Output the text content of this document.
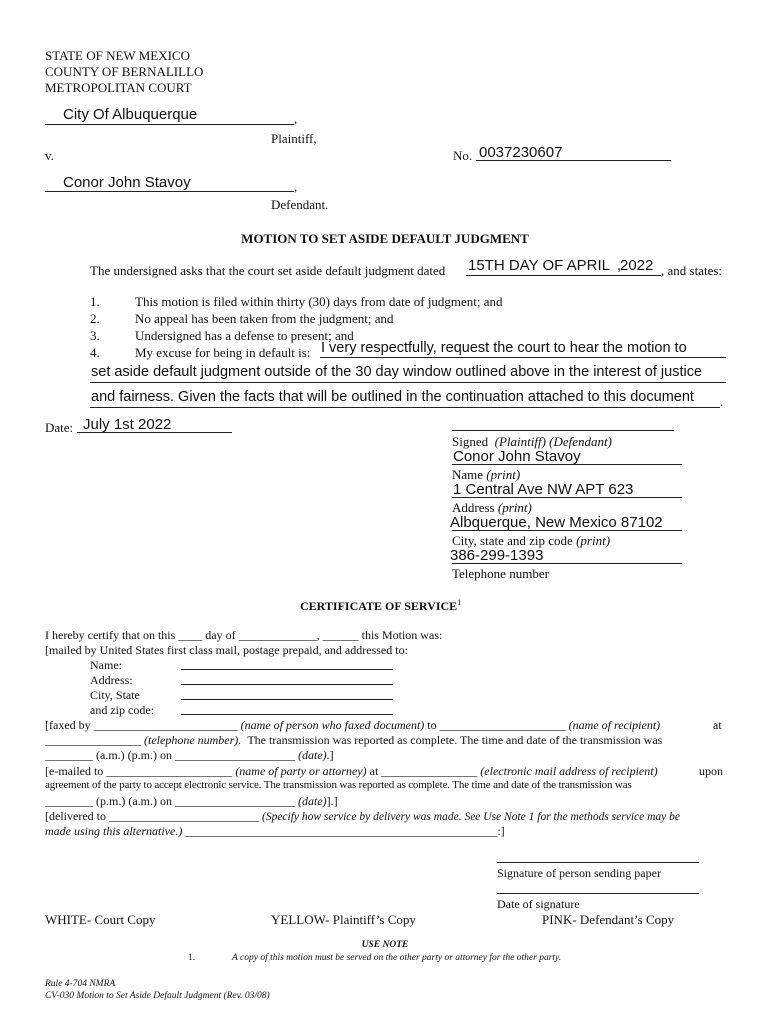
STATE OF NEW MEXICO
COUNTY OF BERNALILLO
METROPOLITAN COURT
,
City Of Albuquerque
Plaintiff,
v.	No. 0037230607
,
Conor John Stavoy
Defendant.
MOTION TO SET ASIDE DEFAULT JUDGMENT
The undersigned asks that the court set aside default judgment dated 15TH DAY OF APRIL 2022
,	, and states:
1.	This motion is filed within thirty (30) days from date of judgment; and
2.	No appeal has been taken from the judgment; and
3.	Undersigned has a defense to present; and
4.	My excuse for being in default is: I very respectfully, request the court to hear the motion to
set aside default judgment outside of the 30 day window outlined above in the interest of justice
and fairness. Given the facts that will be outlined in the continuation attached to this document .
Date: July 1st 2022
Signed (Plaintiff) (Defendant)
Conor John Stavoy
Name (print)
1 Central Ave NW APT 623
Address (print)
Albquerque, New Mexico 87102
City, state and zip code (print)
386-299-1393
Telephone number
CERTIFICATE OF SERVICE$^1$
I hereby certify that on this ____ day of _____________, ______ this Motion was:
[mailed by United States first class mail, postage prepaid, and addressed to:
Name:
Address:
City, State
and zip code:
[faxed by ________________________ (name of person who faxed document) to _____________________ (name of recipient)	at
________________ (telephone number). The transmission was reported as complete. The time and date of the transmission was
________ (a.m.) (p.m.) on ____________________ (date).]
[e-mailed to _____________________ (name of party or attorney) at ________________ (electronic mail address of recipient)	upon
agreement of the party to accept electronic service. The transmission was reported as complete. The time and date of the transmission was
________ (p.m.) (a.m.) on ____________________ (date)].]
[delivered to _________________________ (Specify how service by delivery was made. See Use Note 1 for the methods service may be
made using this alternative.) ____________________________________________________:]
Signature of person sending paper
Date of signature
WHITE- Court Copy	YELLOW- Plaintiff’s Copy	PINK- Defendant’s Copy
USE NOTE
1.	A copy of this motion must be served on the other party or attorney for the other party.
Rule 4-704 NMRA
CV-030 Motion to Set Aside Default Judgment (Rev. 03/08)
